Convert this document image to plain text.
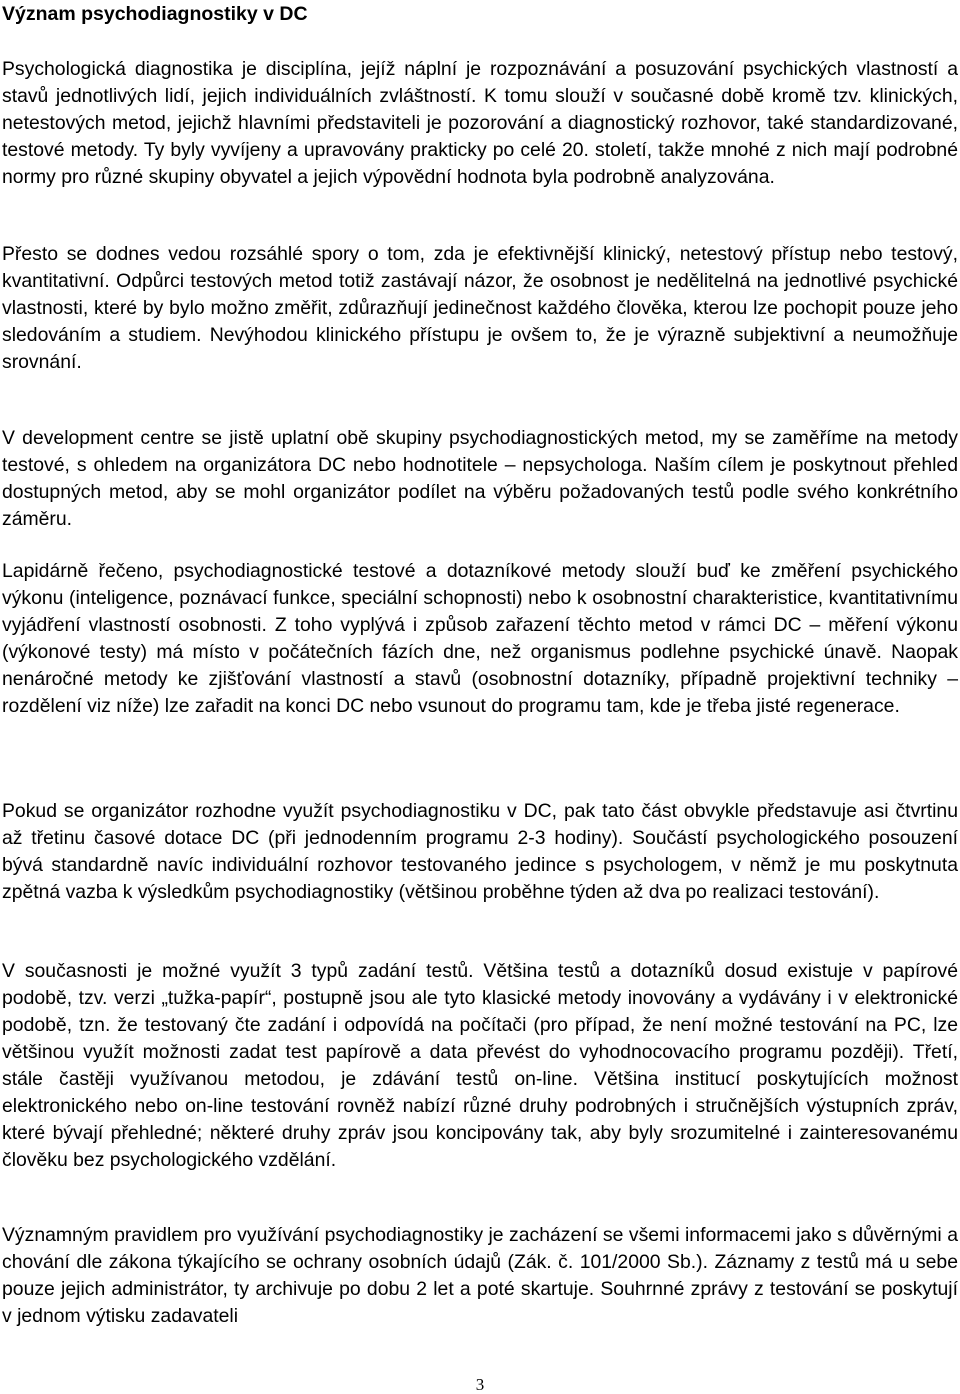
Význam psychodiagnostiky v DC

Psychologická diagnostika je disciplína, jejíž náplní je rozpoznávání a posuzování psychických vlastností a stavů jednotlivých lidí, jejich individuálních zvláštností. K tomu slouží v současné době kromě tzv. klinických, netestových metod, jejichž hlavními představiteli je pozorování a diagnostický rozhovor, také standardizované, testové metody. Ty byly vyvíjeny a upravovány prakticky po celé 20. století, takže mnohé z nich mají podrobné normy pro různé skupiny obyvatel a jejich výpovědní hodnota byla podrobně analyzována.

Přesto se dodnes vedou rozsáhlé spory o tom, zda je efektivnější klinický, netestový přístup nebo testový, kvantitativní. Odpůrci testových metod totiž zastávají názor, že osobnost je nedělitelná na jednotlivé psychické vlastnosti, které by bylo možno změřit, zdůrazňují jedinečnost každého člověka, kterou lze pochopit pouze jeho sledováním a studiem. Nevýhodou klinického přístupu je ovšem to, že je výrazně subjektivní a neumožňuje srovnání.

V development centre se jistě uplatní obě skupiny psychodiagnostických metod, my se zaměříme na metody testové, s ohledem na organizátora DC nebo hodnotitele – nepsychologa. Naším cílem je poskytnout přehled dostupných metod, aby se mohl organizátor podílet na výběru požadovaných testů podle svého konkrétního záměru.

Lapidárně řečeno, psychodiagnostické testové a dotazníkové metody slouží buď ke změření psychického výkonu (inteligence, poznávací funkce, speciální schopnosti) nebo k osobnostní charakteristice, kvantitativnímu vyjádření vlastností osobnosti. Z toho vyplývá i způsob zařazení těchto metod v rámci DC – měření výkonu (výkonové testy) má místo v počátečních fázích dne, než organismus podlehne psychické únavě. Naopak nenáročné metody ke zjišťování vlastností a stavů (osobnostní dotazníky, případně projektivní techniky – rozdělení viz níže) lze zařadit na konci DC nebo vsunout do programu tam, kde je třeba jisté regenerace.

Pokud se organizátor rozhodne využít psychodiagnostiku v DC, pak tato část obvykle představuje asi čtvrtinu až třetinu časové dotace DC (při jednodenním programu 2-3 hodiny). Součástí psychologického posouzení bývá standardně navíc individuální rozhovor testovaného jedince s psychologem, v němž je mu poskytnuta zpětná vazba k výsledkům psychodiagnostiky (většinou proběhne týden až dva po realizaci testování).

V současnosti je možné využít 3 typů zadání testů. Většina testů a dotazníků dosud existuje v papírové podobě, tzv. verzi „tužka-papír“, postupně jsou ale tyto klasické metody inovovány a vydávány i v elektronické podobě, tzn. že testovaný čte zadání i odpovídá na počítači (pro případ, že není možné testování na PC, lze většinou využít možnosti zadat test papírově a data převést do vyhodnocovacího programu později). Třetí, stále častěji využívanou metodou, je zdávání testů on-line. Většina institucí poskytujících možnost elektronického nebo on-line testování rovněž nabízí různé druhy podrobných i stručnějších výstupních zpráv, které bývají přehledné; některé druhy zpráv jsou koncipovány tak, aby byly srozumitelné i zainteresovanému člověku bez psychologického vzdělání.

Významným pravidlem pro využívání psychodiagnostiky je zacházení se všemi informacemi jako s důvěrnými a chování dle zákona týkajícího se ochrany osobních údajů (Zák. č. 101/2000 Sb.). Záznamy z testů má u sebe pouze jejich administrátor, ty archivuje po dobu 2 let a poté skartuje. Souhrnné zprávy z testování se poskytují v jednom výtisku zadavateli

3
